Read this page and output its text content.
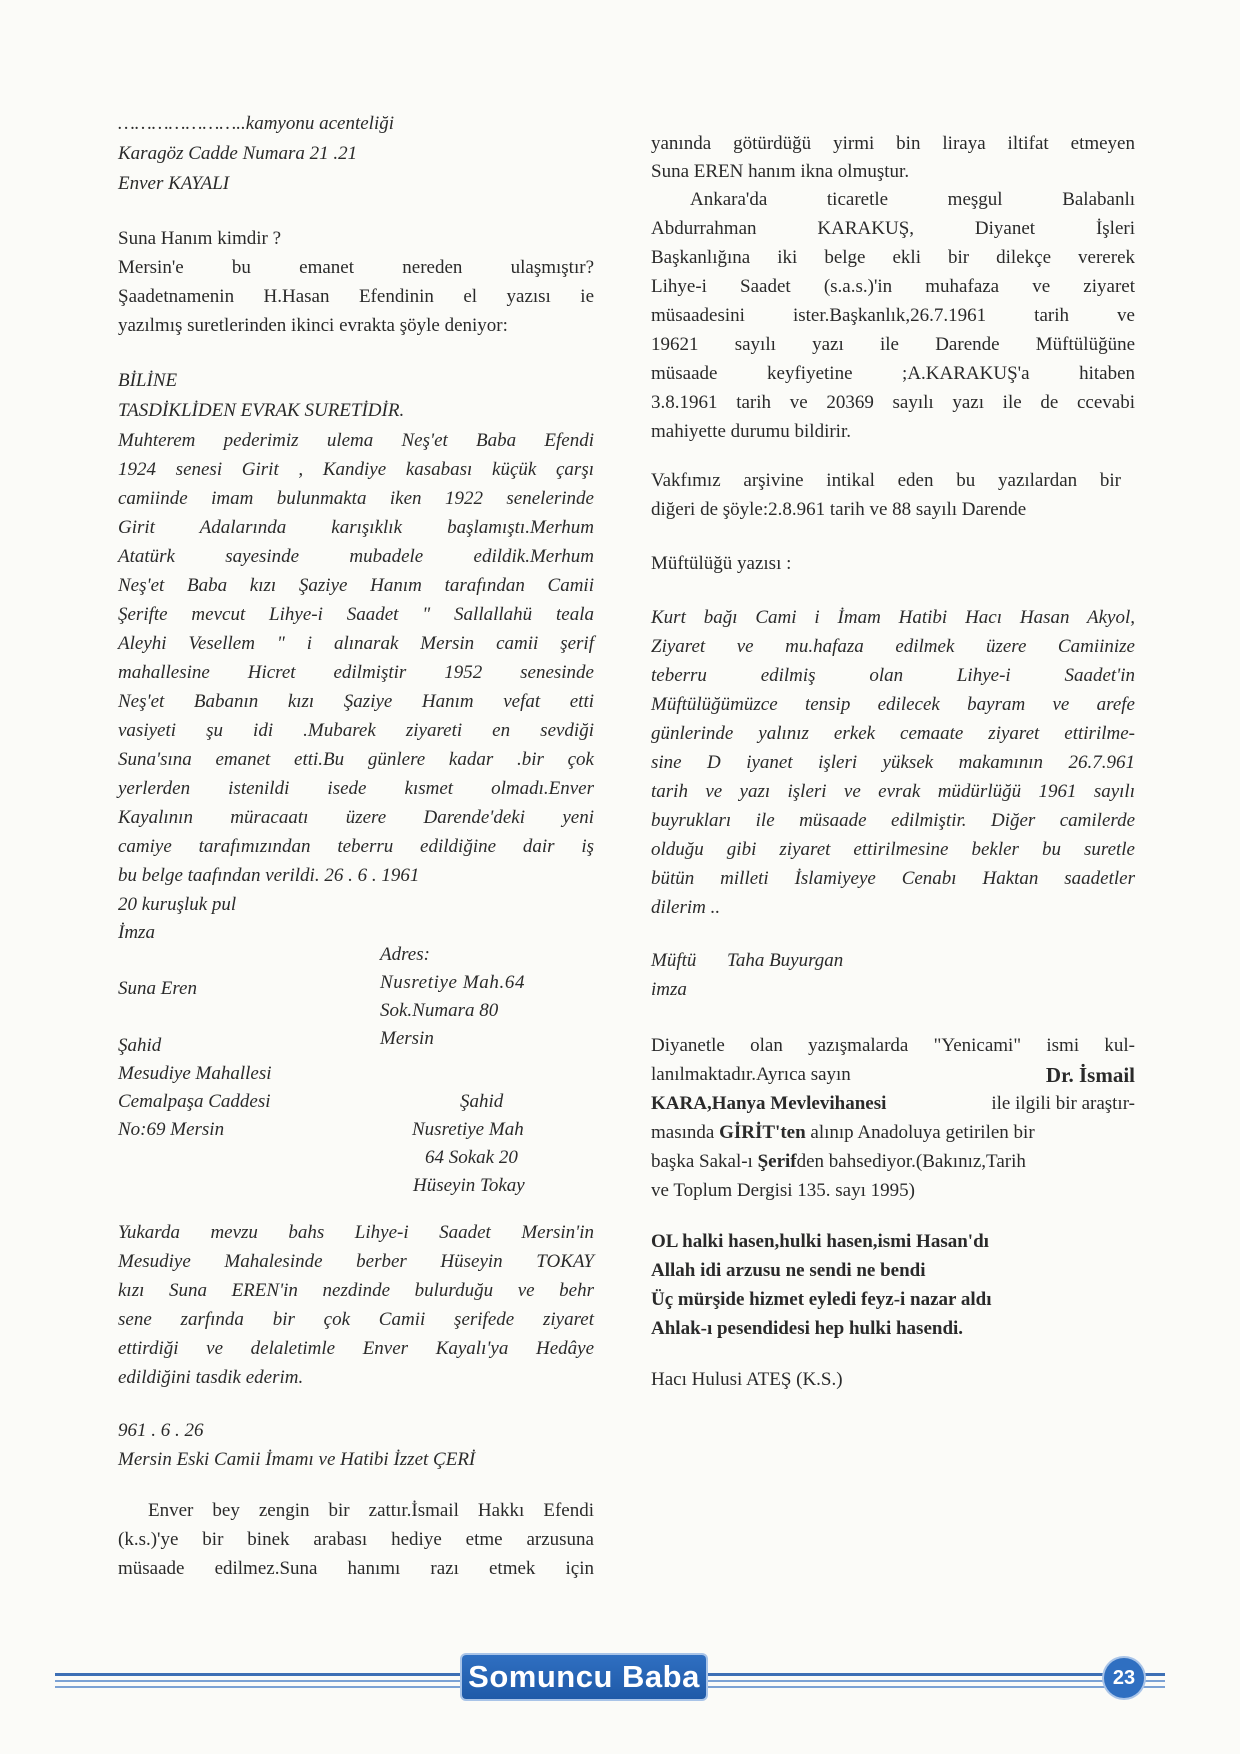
…………………..kamyonu acenteliği
Karagöz Cadde Numara 21 .21
Enver KAYALI
Suna Hanım kimdir ?
Mersin'e bu emanet nereden ulaşmıştır?
Şaadetnamenin H.Hasan Efendinin el yazısı ie
yazılmış suretlerinden ikinci evrakta şöyle deniyor:
BİLİNE
TASDİKLİDEN EVRAK SURETİDİR.
Muhterem pederimiz ulema Neş'et Baba Efendi
1924 senesi Girit , Kandiye kasabası küçük çarşı
camiinde imam bulunmakta iken 1922 senelerinde
Girit Adalarında karışıklık başlamıştı.Merhum
Atatürk sayesinde mubadele edildik.Merhum
Neş'et Baba kızı Şaziye Hanım tarafından Camii
Şerifte mevcut Lihye-i Saadet " Sallallahü teala
Aleyhi Vesellem " i alınarak Mersin camii şerif
mahallesine Hicret edilmiştir 1952 senesinde
Neş'et Babanın kızı Şaziye Hanım vefat etti
vasiyeti şu idi .Mubarek ziyareti en sevdiği
Suna'sına emanet etti.Bu günlere kadar .bir çok
yerlerden istenildi isede kısmet olmadı.Enver
Kayalının müracaatı üzere Darende'deki yeni
camiye tarafımızından teberru edildiğine dair iş
bu belge taafından verildi. 26 . 6 . 1961
20 kuruşluk pul
İmza
Adres:
Suna Eren	Nusretiye Mah.64
Sok.Numara 80
Mersin
Şahid
Mesudiye Mahallesi
Cemalpaşa Caddesi
No:69 Mersin
Şahid
Nusretiye Mah
64 Sokak 20
Hüseyin Tokay
Yukarda mevzu bahs Lihye-i Saadet Mersin'in
Mesudiye Mahalesinde berber Hüseyin TOKAY
kızı Suna EREN'in nezdinde bulurduğu ve behr
sene zarfında bir çok Camii şerifede ziyaret
ettirdiği ve delaletimle Enver Kayalı'ya Hedâye
edildiğini tasdik ederim.
961 . 6 . 26
Mersin Eski Camii İmamı ve Hatibi İzzet ÇERİ
Enver bey zengin bir zattır.İsmail Hakkı Efendi
(k.s.)'ye bir binek arabası hediye etme arzusuna
müsaade edilmez.Suna hanımı razı etmek için
yanında götürdüğü yirmi bin liraya iltifat etmeyen
Suna EREN hanım ikna olmuştur.
Ankara'da ticaretle meşgul Balabanlı
Abdurrahman KARAKUŞ, Diyanet İşleri
Başkanlığına iki belge ekli bir dilekçe vererek
Lihye-i Saadet (s.a.s.)'in muhafaza ve ziyaret
müsaadesini ister.Başkanlık,26.7.1961 tarih ve
19621 sayılı yazı ile Darende Müftülüğüne
müsaade keyfiyetine ;A.KARAKUŞ'a hitaben
3.8.1961 tarih ve 20369 sayılı yazı ile de ccevabi
mahiyette durumu bildirir.
Vakfımız arşivine intikal eden bu yazılardan bir
diğeri de şöyle:2.8.961 tarih ve 88 sayılı Darende
Müftülüğü yazısı :
Kurt bağı Cami i İmam Hatibi Hacı Hasan Akyol,
Ziyaret ve mu.hafaza edilmek üzere Camiinize
teberru edilmiş olan Lihye-i Saadet'in
Müftülüğümüzce tensip edilecek bayram ve arefe
günlerinde yalınız erkek cemaate ziyaret ettirilme-
sine D iyanet işleri yüksek makamının 26.7.961
tarih ve yazı işleri ve evrak müdürlüğü 1961 sayılı
buyrukları ile müsaade edilmiştir. Diğer camilerde
olduğu gibi ziyaret ettirilmesine bekler bu suretle
bütün milleti İslamiyeye Cenabı Haktan saadetler
dilerim ..
Müftü Taha Buyurgan
imza
Diyanetle olan yazışmalarda "Yenicami" ismi kul-
lanılmaktadır.Ayrıca sayın	Dr. İsmail
KARA,Hanya Mevlevihanesi	ile ilgili bir araştır-
masında GİRİT'ten alınıp Anadoluya getirilen bir
başka Sakal-ı Şerifden bahsediyor.(Bakınız,Tarih
ve Toplum Dergisi 135. sayı 1995)
OL halki hasen,hulki hasen,ismi Hasan'dı
Allah idi arzusu ne sendi ne bendi
Üç mürşide hizmet eyledi feyz-i nazar aldı
Ahlak-ı pesendidesi hep hulki hasendi.
Hacı Hulusi ATEŞ (K.S.)
Somuncu Baba	23
